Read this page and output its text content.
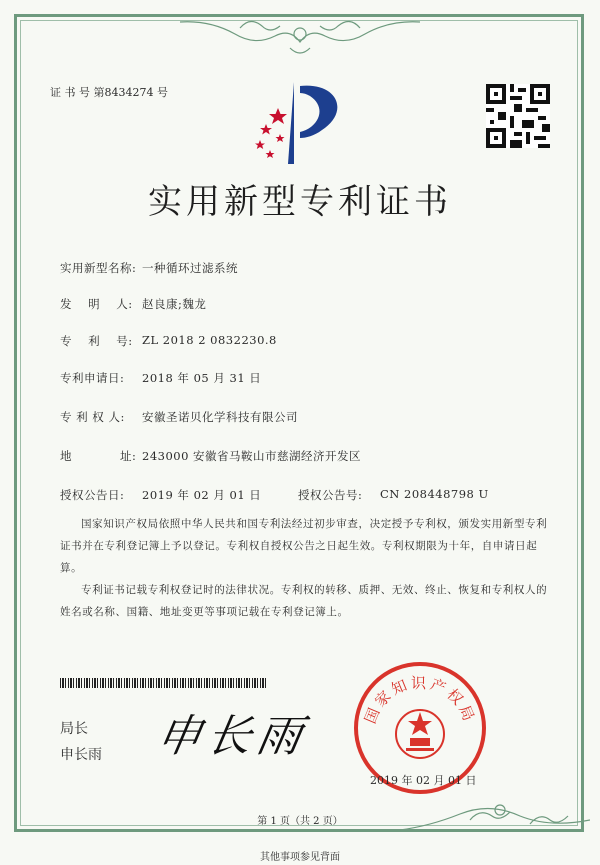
证 书 号 第8434274 号
实用新型专利证书
实用新型名称: 一种循环过滤系统
发　 明　 人: 赵良康;魏龙
专　 利　 号: ZL 2018 2 0832230.8
专利申请日: 2018 年 05 月 31 日
专 利 权 人: 安徽圣诺贝化学科技有限公司
地　　　　址: 243000 安徽省马鞍山市慈湖经济开发区
授权公告日: 2019 年 02 月 01 日	授权公告号: CN 208448798 U

国家知识产权局依照中华人民共和国专利法经过初步审查，决定授予专利权，颁发实用新型专利证书并在专利登记簿上予以登记。专利权自授权公告之日起生效。专利权期限为十年，自申请日起算。

专利证书记载专利权登记时的法律状况。专利权的转移、质押、无效、终止、恢复和专利权人的姓名或名称、国籍、地址变更等事项记载在专利登记簿上。

局长
申长雨 申长雨	国家知识产权局
2019 年 02 月 01 日
第 1 页（共 2 页）
其他事项参见背面
